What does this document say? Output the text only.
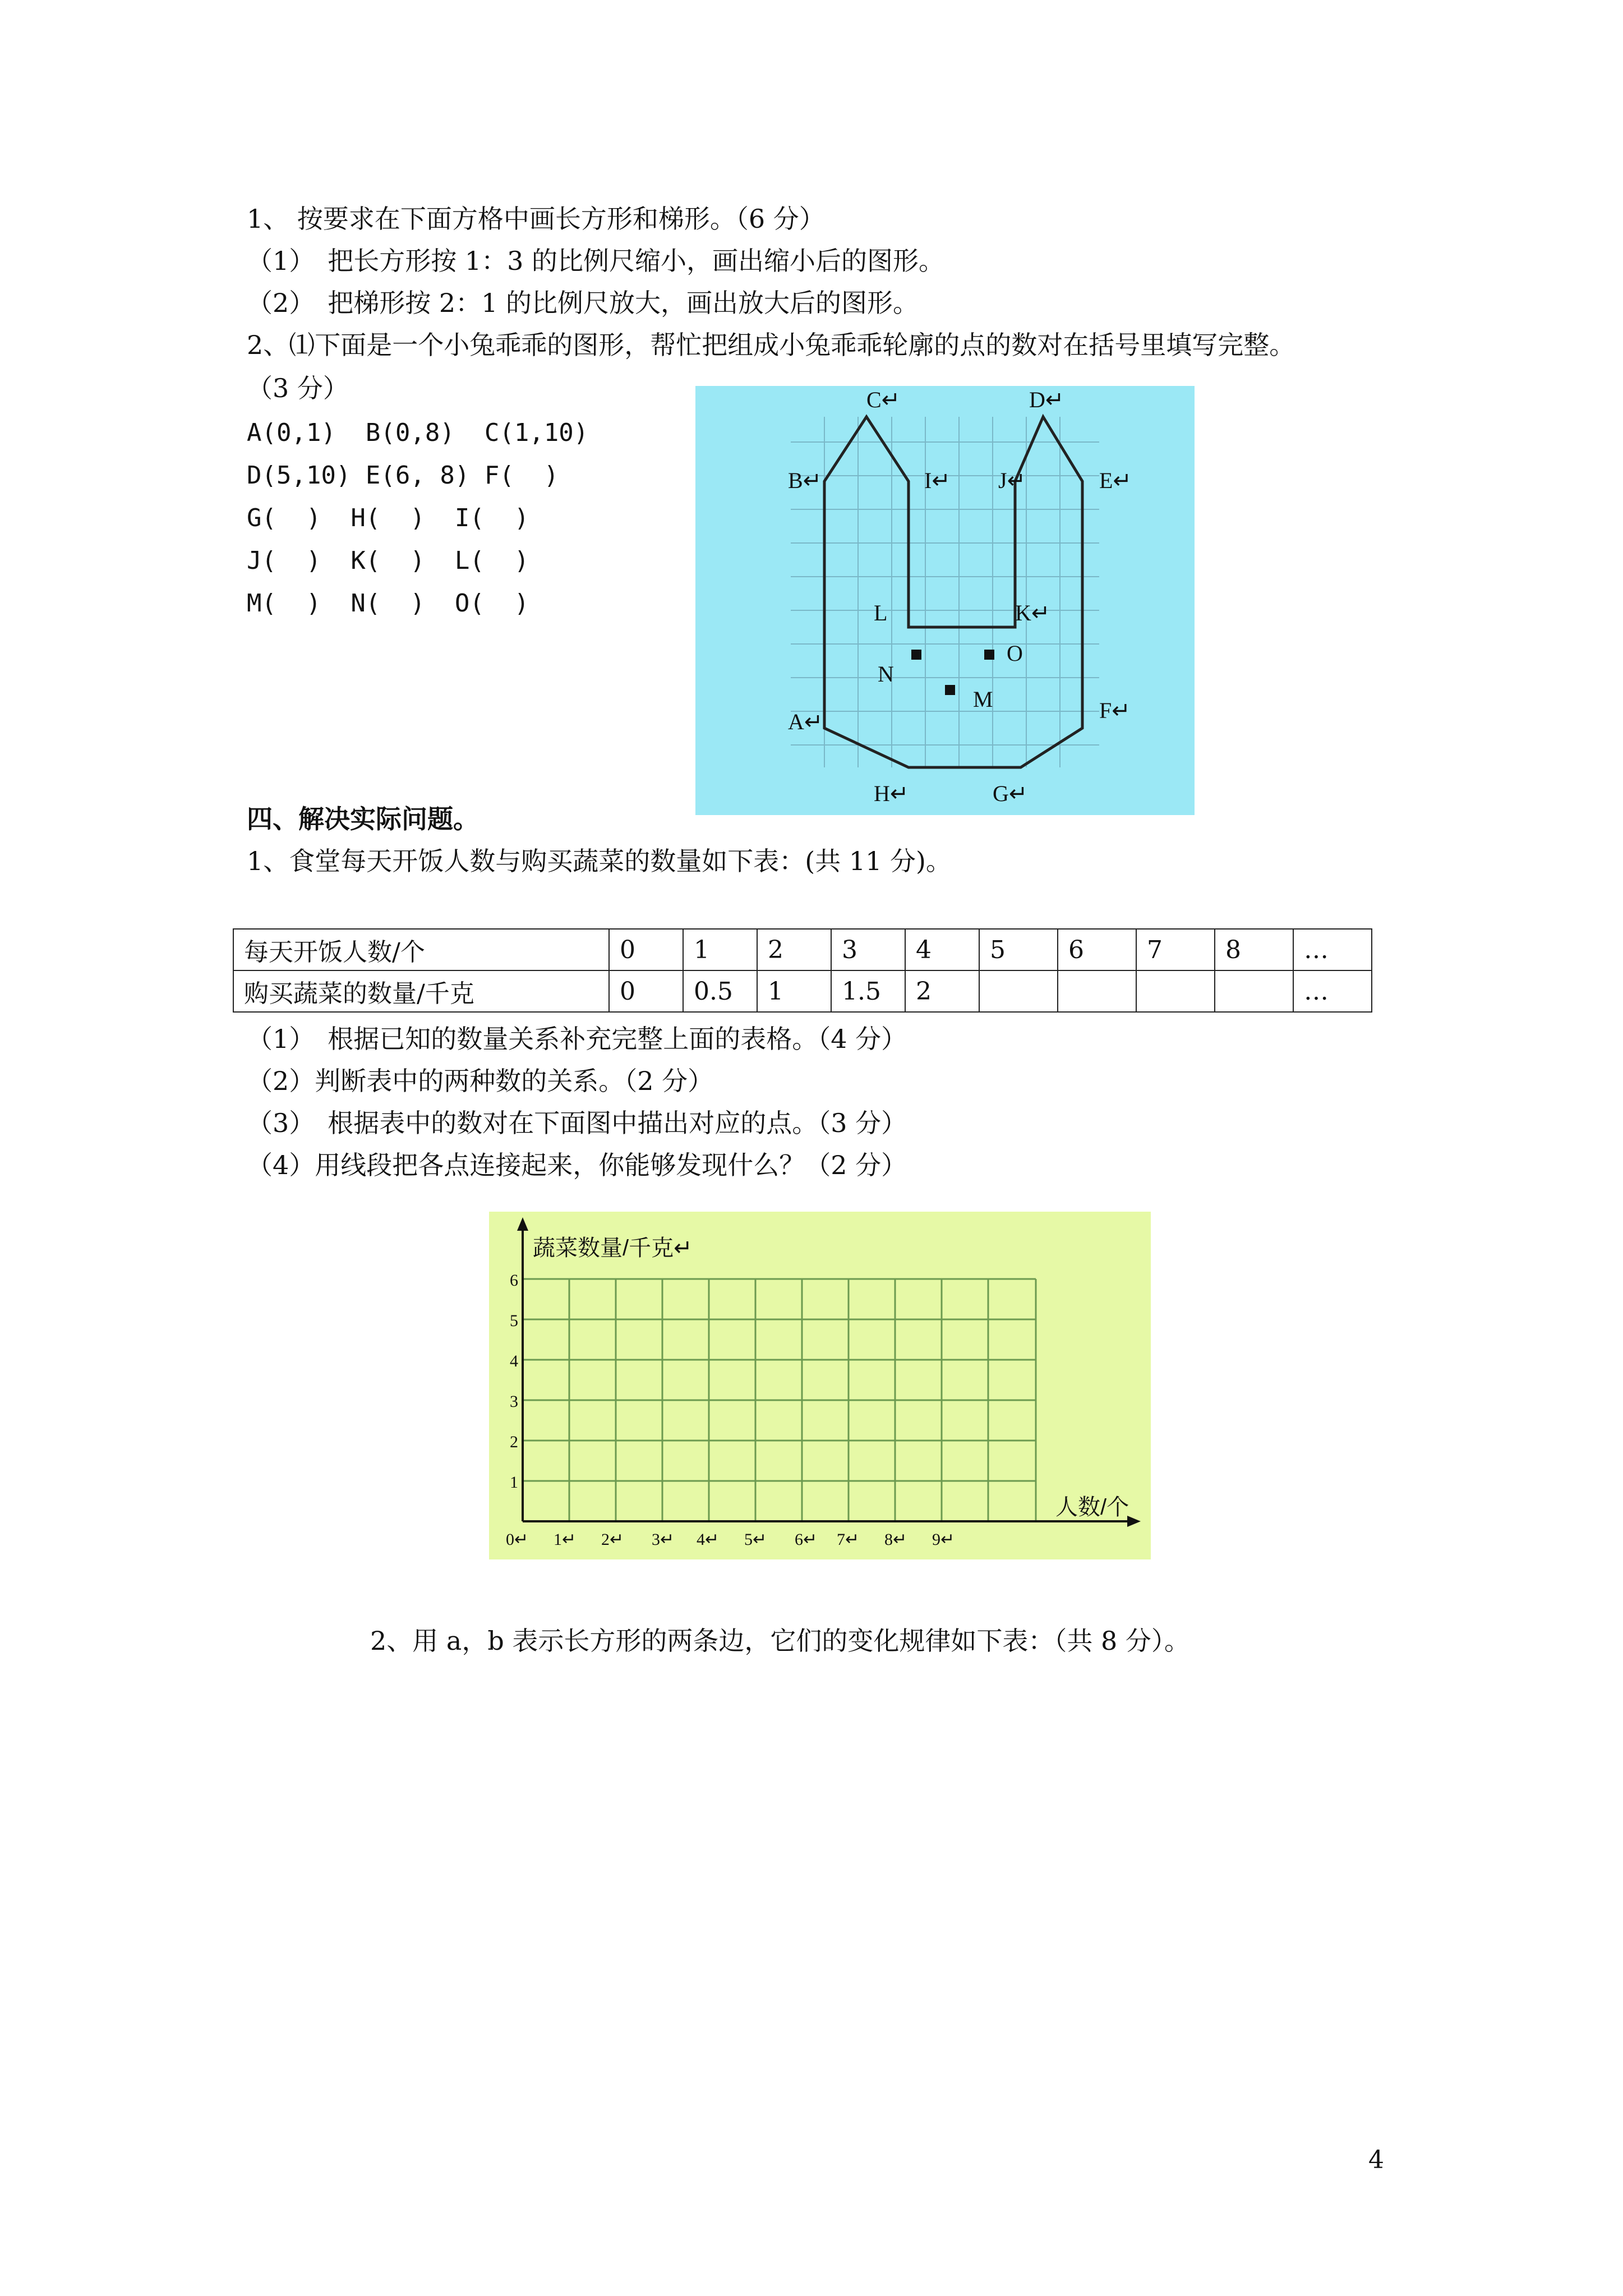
1、 按要求在下面方格中画长方形和梯形。（6 分）
（1）　把长方形按 1：3 的比例尺缩小，画出缩小后的图形。
（2）　把梯形按 2：1 的比例尺放大，画出放大后的图形。
2、⑴下面是一个小兔乖乖的图形，帮忙把组成小兔乖乖轮廓的点的数对在括号里填写完整。
（3 分）
A(0,1)  B(0,8)  C(1,10)
D(5,10) E(6, 8) F(  )
G(  )  H(  )  I(  )
J(  )  K(  )  L(  )
M(  )  N(  )  O(  )
C↵	D↵
B↵	I↵ J↵	E↵
L	K↵
O
N
M
A↵	F↵
H↵	G↵
四、解决实际问题。
1、食堂每天开饭人数与购买蔬菜的数量如下表：(共 11 分)。
每天开饭人数/个	0	1	2	3	4	5	6	7	8	…
购买蔬菜的数量/千克	0	0.5	1	1.5	2					…
（1）　根据已知的数量关系补充完整上面的表格。（4 分）
（2）判断表中的两种数的关系。（2 分）
（3）　根据表中的数对在下面图中描出对应的点。（3 分）
（4）用线段把各点连接起来，你能够发现什么？（2 分）
蔬菜数量/千克↵
人数/个
6
5
4
3
2
1
0↵ 1↵ 2↵ 3↵ 4↵ 5↵ 6↵ 7↵ 8↵ 9↵
2、用 a，b 表示长方形的两条边，它们的变化规律如下表：（共 8 分）。
4
